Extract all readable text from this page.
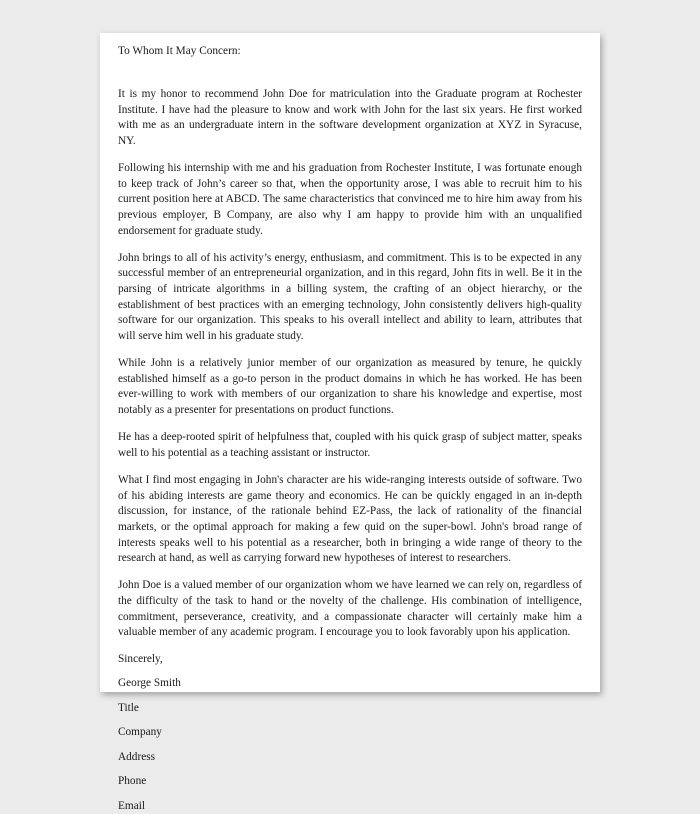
To Whom It May Concern:

It is my honor to recommend John Doe for matriculation into the Graduate program at Rochester Institute. I have had the pleasure to know and work with John for the last six years. He first worked with me as an undergraduate intern in the software development organization at XYZ in Syracuse, NY.

Following his internship with me and his graduation from Rochester Institute, I was fortunate enough to keep track of John’s career so that, when the opportunity arose, I was able to recruit him to his current position here at ABCD. The same characteristics that convinced me to hire him away from his previous employer, B Company, are also why I am happy to provide him with an unqualified endorsement for graduate study.

John brings to all of his activity’s energy, enthusiasm, and commitment. This is to be expected in any successful member of an entrepreneurial organization, and in this regard, John fits in well. Be it in the parsing of intricate algorithms in a billing system, the crafting of an object hierarchy, or the establishment of best practices with an emerging technology, John consistently delivers high-quality software for our organization. This speaks to his overall intellect and ability to learn, attributes that will serve him well in his graduate study.

While John is a relatively junior member of our organization as measured by tenure, he quickly established himself as a go-to person in the product domains in which he has worked. He has been ever-willing to work with members of our organization to share his knowledge and expertise, most notably as a presenter for presentations on product functions.

He has a deep-rooted spirit of helpfulness that, coupled with his quick grasp of subject matter, speaks well to his potential as a teaching assistant or instructor.

What I find most engaging in John's character are his wide-ranging interests outside of software. Two of his abiding interests are game theory and economics. He can be quickly engaged in an in-depth discussion, for instance, of the rationale behind EZ-Pass, the lack of rationality of the financial markets, or the optimal approach for making a few quid on the super-bowl. John's broad range of interests speaks well to his potential as a researcher, both in bringing a wide range of theory to the research at hand, as well as carrying forward new hypotheses of interest to researchers.

John Doe is a valued member of our organization whom we have learned we can rely on, regardless of the difficulty of the task to hand or the novelty of the challenge. His combination of intelligence, commitment, perseverance, creativity, and a compassionate character will certainly make him a valuable member of any academic program. I encourage you to look favorably upon his application.

Sincerely,

George Smith

Title

Company

Address

Phone

Email
